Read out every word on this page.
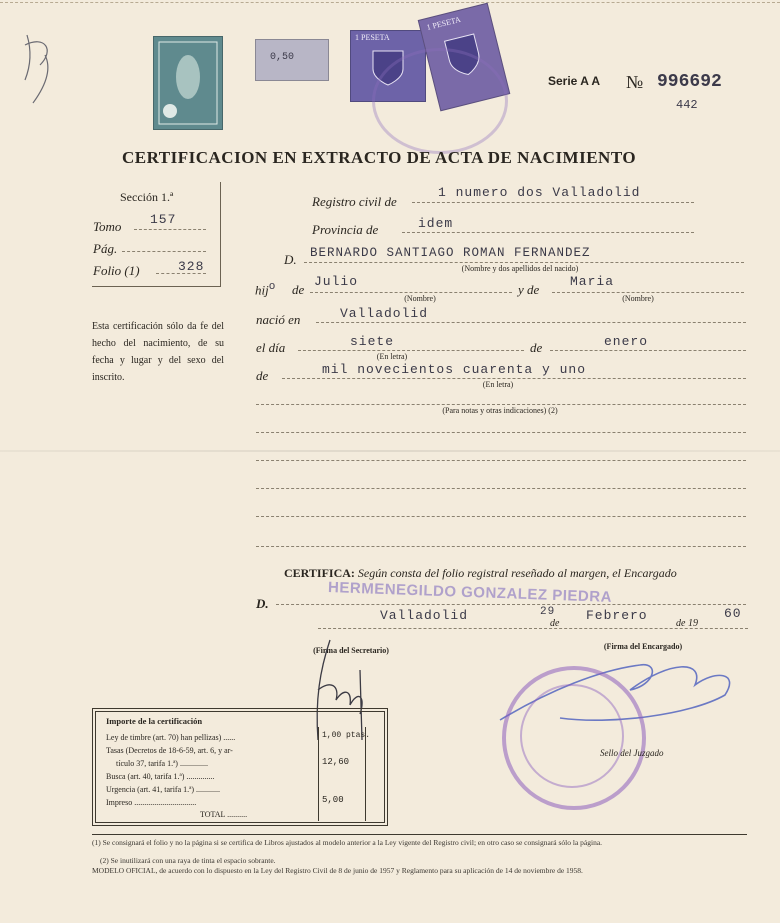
0,50
1 PESETA
1 PESETA
Serie A A № 996692
442
CERTIFICACION EN EXTRACTO DE ACTA DE NACIMIENTO
Sección 1.ª
Tomo 157
Pág.
Folio (1)	328
Esta certificación sólo da fe del hecho del nacimiento, de su fecha y lugar y del sexo del inscrito.
Registro civil de
1 numero dos Valladolid
Provincia de	idem
D. BERNARDO SANTIAGO ROMAN FERNANDEZ
(Nombre y dos apellidos del nacido)
hij$^o$ de
Julio
y de
Maria
(Nombre)	(Nombre)
nació en	Valladolid
el día	siete	de	enero
(En letra)
de	mil novecientos cuarenta y uno
(En letra)
(Para notas y otras indicaciones) (2)
CERTIFICA: Según consta del folio registral reseñado al margen, el Encargado
D.	HERMENEGILDO GONZALEZ PIEDRA
Valladolid	29
de
Febrero
de 19
60
(Firma del Secretario)	(Firma del Encargado)
Sello del Juzgado
Importe de la certificación
Ley de timbre (art. 70) han pellizas) ......	1,00 ptas.
Tasas (Decretos de 18-6-59, art. 6, y ar-
tículo 37, tarifa 1.ª) ..............	12,60
Busca (art. 40, tarifa 1.ª) ..............
Urgencia (art. 41, tarifa 1.ª) ............
Impreso ...............................	5,00
TOTAL ..........
(1) Se consignará el folio y no la página si se certifica de Libros ajustados al modelo anterior a la Ley vigente del Registro civil; en otro caso se consignará sólo la página.
(2) Se inutilizará con una raya de tinta el espacio sobrante.
MODELO OFICIAL, de acuerdo con lo dispuesto en la Ley del Registro Civil de 8 de junio de 1957 y Reglamento para su aplicación de 14 de noviembre de 1958.
